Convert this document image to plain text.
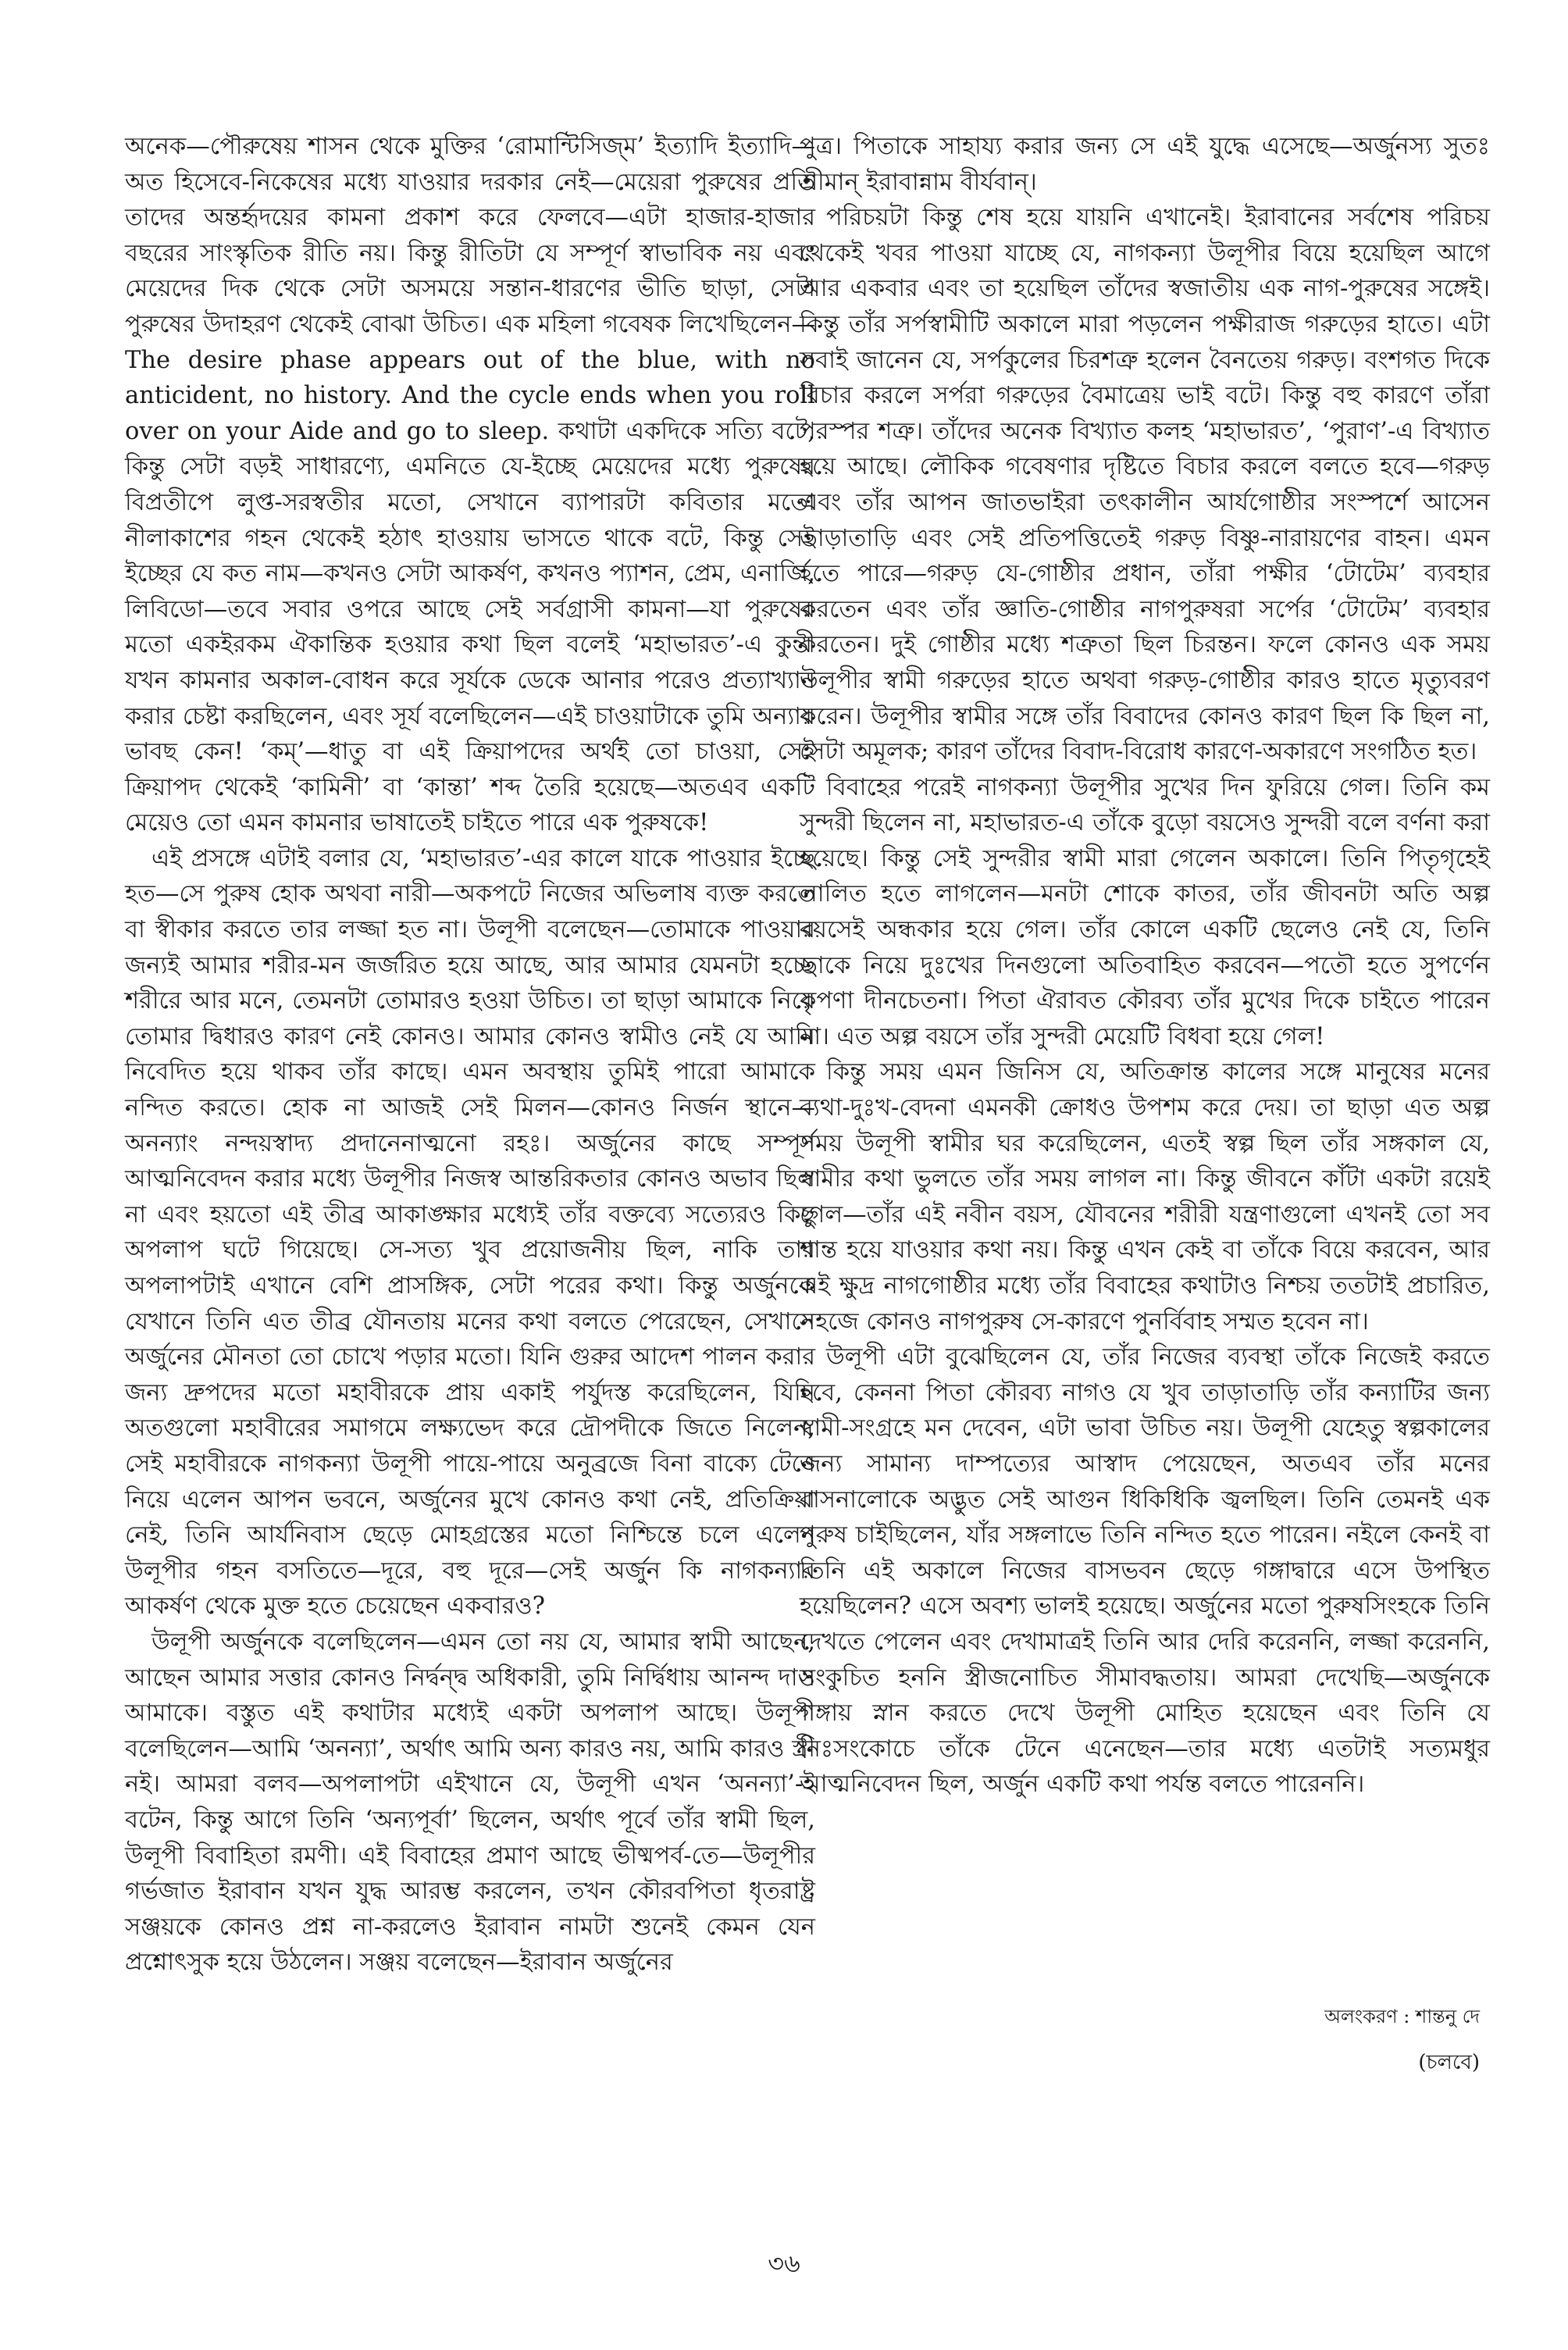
অনেক—পৌরুষেয় শাসন থেকে মুক্তির ‘রোমান্টিসিজ্‌ম’ ইত্যাদি ইত্যাদি—অত হিসেবে-নিকেষের মধ্যে যাওয়ার দরকার নেই—মেয়েরা পুরুষের প্রতি তাদের অন্তর্হৃদয়ের কামনা প্রকাশ করে ফেলবে—এটা হাজার-হাজার বছরের সাংস্কৃতিক রীতি নয়। কিন্তু রীতিটা যে সম্পূর্ণ স্বাভাবিক নয় এবং মেয়েদের দিক থেকে সেটা অসময়ে সন্তান-ধারণের ভীতি ছাড়া, সেটা পুরুষের উদাহরণ থেকেই বোঝা উচিত। এক মহিলা গবেষক লিখেছিলেন—The desire phase appears out of the blue, with no anticident, no history. And the cycle ends when you roll over on your Aide and go to sleep. কথাটা একদিকে সত্যি বটে, কিন্তু সেটা বড়ই সাধারণ্যে, এমনিতে যে-ইচ্ছে মেয়েদের মধ্যে পুরুষের বিপ্রতীপে লুপ্ত-সরস্বতীর মতো, সেখানে ব্যাপারটা কবিতার মতো নীলাকাশের গহন থেকেই হঠাৎ হাওয়ায় ভাসতে থাকে বটে, কিন্তু সেই ইচ্ছের যে কত নাম—কখনও সেটা আকর্ষণ, কখনও প্যাশন, প্রেম, এনার্জি, লিবিডো—তবে সবার ওপরে আছে সেই সর্বগ্রাসী কামনা—যা পুরুষের মতো একইরকম ঐকান্তিক হওয়ার কথা ছিল বলেই ‘মহাভারত’-এ কুন্তী যখন কামনার অকাল-বোধন করে সূর্যকে ডেকে আনার পরেও প্রত্যাখ্যান করার চেষ্টা করছিলেন, এবং সূর্য বলেছিলেন—এই চাওয়াটাকে তুমি অন্যায় ভাবছ কেন! ‘কম্‌’—ধাতু বা এই ক্রিয়াপদের অর্থই তো চাওয়া, সেই ক্রিয়াপদ থেকেই ‘কামিনী’ বা ‘কান্তা’ শব্দ তৈরি হয়েছে—অতএব একটি মেয়েও তো এমন কামনার ভাষাতেই চাইতে পারে এক পুরুষকে!

এই প্রসঙ্গে এটাই বলার যে, ‘মহাভারত’-এর কালে যাকে পাওয়ার ইচ্ছে হত—সে পুরুষ হোক অথবা নারী—অকপটে নিজের অভিলাষ ব্যক্ত করতে বা স্বীকার করতে তার লজ্জা হত না। উলূপী বলেছেন—তোমাকে পাওয়ার জন্যই আমার শরীর-মন জর্জরিত হয়ে আছে, আর আমার যেমনটা হচ্ছে শরীরে আর মনে, তেমনটা তোমারও হওয়া উচিত। তা ছাড়া আমাকে নিয়ে তোমার দ্বিধারও কারণ নেই কোনও। আমার কোনও স্বামীও নেই যে আমি নিবেদিত হয়ে থাকব তাঁর কাছে। এমন অবস্থায় তুমিই পারো আমাকে নন্দিত করতে। হোক না আজই সেই মিলন—কোনও নির্জন স্থানে—অনন্যাং নন্দয়স্বাদ্য প্রদানেনাত্মনো রহঃ। অর্জুনের কাছে সম্পূর্ণ আত্মনিবেদন করার মধ্যে উলূপীর নিজস্ব আন্তরিকতার কোনও অভাব ছিল না এবং হয়তো এই তীব্র আকাঙ্ক্ষার মধ্যেই তাঁর বক্তব্যে সত্যেরও কিছু অপলাপ ঘটে গিয়েছে। সে-সত্য খুব প্রয়োজনীয় ছিল, নাকি তার অপলাপটাই এখানে বেশি প্রাসঙ্গিক, সেটা পরের কথা। কিন্তু অর্জুনকে যেখানে তিনি এত তীব্র যৌনতায় মনের কথা বলতে পেরেছেন, সেখানে অর্জুনের মৌনতা তো চোখে পড়ার মতো। যিনি গুরুর আদেশ পালন করার জন্য দ্রুপদের মতো মহাবীরকে প্রায় একাই পর্যুদস্ত করেছিলেন, যিনি অতগুলো মহাবীরের সমাগমে লক্ষ্যভেদ করে দ্রৌপদীকে জিতে নিলেন, সেই মহাবীরকে নাগকন্যা উলূপী পায়ে-পায়ে অনুব্রজে বিনা বাক্যে টেনে নিয়ে এলেন আপন ভবনে, অর্জুনের মুখে কোনও কথা নেই, প্রতিক্রিয়া নেই, তিনি আর্যনিবাস ছেড়ে মোহগ্রস্তের মতো নিশ্চিন্তে চলে এলেন উলূপীর গহন বসতিতে—দূরে, বহু দূরে—সেই অর্জুন কি নাগকন্যার আকর্ষণ থেকে মুক্ত হতে চেয়েছেন একবারও?

উলূপী অর্জুনকে বলেছিলেন—এমন তো নয় যে, আমার স্বামী আছেন, আছেন আমার সত্তার কোনও নির্দ্বন্দ্ব অধিকারী, তুমি নির্দ্বিধায় আনন্দ দাও আমাকে। বস্তুত এই কথাটার মধ্যেই একটা অপলাপ আছে। উলূপী বলেছিলেন—আমি ‘অনন্যা’, অর্থাৎ আমি অন্য কারও নয়, আমি কারও স্ত্রী নই। আমরা বলব—অপলাপটা এইখানে যে, উলূপী এখন ‘অনন্যা’-ই বটেন, কিন্তু আগে তিনি ‘অন্যপূর্বা’ ছিলেন, অর্থাৎ পূর্বে তাঁর স্বামী ছিল, উলূপী বিবাহিতা রমণী। এই বিবাহের প্রমাণ আছে ভীষ্মপর্ব-তে—উলূপীর গর্ভজাত ইরাবান যখন যুদ্ধ আরম্ভ করলেন, তখন কৌরবপিতা ধৃতরাষ্ট্র সঞ্জয়কে কোনও প্রশ্ন না-করলেও ইরাবান নামটা শুনেই কেমন যেন প্রশ্নোৎসুক হয়ে উঠলেন। সঞ্জয় বলেছেন—ইরাবান অর্জুনের

পুত্র। পিতাকে সাহায্য করার জন্য সে এই যুদ্ধে এসেছে—অর্জুনস্য সুতঃ শ্রীমান্‌ ইরাবান্নাম বীর্যবান্‌।

পরিচয়টা কিন্তু শেষ হয়ে যায়নি এখানেই। ইরাবানের সর্বশেষ পরিচয় থেকেই খবর পাওয়া যাচ্ছে যে, নাগকন্যা উলূপীর বিয়ে হয়েছিল আগে আর একবার এবং তা হয়েছিল তাঁদের স্বজাতীয় এক নাগ-পুরুষের সঙ্গেই। কিন্তু তাঁর সর্পস্বামীটি অকালে মারা পড়লেন পক্ষীরাজ গরুড়ের হাতে। এটা সবাই জানেন যে, সর্পকুলের চিরশত্রু হলেন বৈনতেয় গরুড়। বংশগত দিকে বিচার করলে সর্পরা গরুড়ের বৈমাত্রেয় ভাই বটে। কিন্তু বহু কারণে তাঁরা পরস্পর শত্রু। তাঁদের অনেক বিখ্যাত কলহ ‘মহাভারত’, ‘পুরাণ’-এ বিখ্যাত হয়ে আছে। লৌকিক গবেষণার দৃষ্টিতে বিচার করলে বলতে হবে—গরুড় এবং তাঁর আপন জাতভাইরা তৎকালীন আর্যগোষ্ঠীর সংস্পর্শে আসেন তাড়াতাড়ি এবং সেই প্রতিপত্তিতেই গরুড় বিষ্ণু-নারায়ণের বাহন। এমন হতে পারে—গরুড় যে-গোষ্ঠীর প্রধান, তাঁরা পক্ষীর ‘টোটেম’ ব্যবহার করতেন এবং তাঁর জ্ঞাতি-গোষ্ঠীর নাগপুরুষরা সর্পের ‘টোটেম’ ব্যবহার করতেন। দুই গোষ্ঠীর মধ্যে শত্রুতা ছিল চিরন্তন। ফলে কোনও এক সময় উলূপীর স্বামী গরুড়ের হাতে অথবা গরুড়-গোষ্ঠীর কারও হাতে মৃত্যুবরণ করেন। উলূপীর স্বামীর সঙ্গে তাঁর বিবাদের কোনও কারণ ছিল কি ছিল না, সেটা অমূলক; কারণ তাঁদের বিবাদ-বিরোধ কারণে-অকারণে সংগঠিত হত।

বিবাহের পরেই নাগকন্যা উলূপীর সুখের দিন ফুরিয়ে গেল। তিনি কম সুন্দরী ছিলেন না, মহাভারত-এ তাঁকে বুড়ো বয়সেও সুন্দরী বলে বর্ণনা করা হয়েছে। কিন্তু সেই সুন্দরীর স্বামী মারা গেলেন অকালে। তিনি পিতৃগৃহেই লালিত হতে লাগলেন—মনটা শোকে কাতর, তাঁর জীবনটা অতি অল্প বয়সেই অন্ধকার হয়ে গেল। তাঁর কোলে একটি ছেলেও নেই যে, তিনি তাকে নিয়ে দুঃখের দিনগুলো অতিবাহিত করবেন—পতৌ হতে সুপর্ণেন কৃপণা দীনচেতনা। পিতা ঐরাবত কৌরব্য তাঁর মুখের দিকে চাইতে পারেন না। এত অল্প বয়সে তাঁর সুন্দরী মেয়েটি বিধবা হয়ে গেল!

কিন্তু সময় এমন জিনিস যে, অতিক্রান্ত কালের সঙ্গে মানুষের মনের ব্যথা-দুঃখ-বেদনা এমনকী ক্রোধও উপশম করে দেয়। তা ছাড়া এত অল্প সময় উলূপী স্বামীর ঘর করেছিলেন, এতই স্বল্প ছিল তাঁর সঙ্গকাল যে, স্বামীর কথা ভুলতে তাঁর সময় লাগল না। কিন্তু জীবনে কাঁটা একটা রয়েই গেল—তাঁর এই নবীন বয়স, যৌবনের শরীরী যন্ত্রণাগুলো এখনই তো সব শান্ত হয়ে যাওয়ার কথা নয়। কিন্তু এখন কেই বা তাঁকে বিয়ে করবেন, আর এই ক্ষুদ্র নাগগোষ্ঠীর মধ্যে তাঁর বিবাহের কথাটাও নিশ্চয় ততটাই প্রচারিত, সহজে কোনও নাগপুরুষ সে-কারণে পুনর্বিবাহ সম্মত হবেন না।

উলূপী এটা বুঝেছিলেন যে, তাঁর নিজের ব্যবস্থা তাঁকে নিজেই করতে হবে, কেননা পিতা কৌরব্য নাগও যে খুব তাড়াতাড়ি তাঁর কন্যাটির জন্য স্বামী-সংগ্রহে মন দেবেন, এটা ভাবা উচিত নয়। উলূপী যেহেতু স্বল্পকালের জন্য সামান্য দাম্পত্যের আস্বাদ পেয়েছেন, অতএব তাঁর মনের বাসনালোকে অদ্ভুত সেই আগুন ধিকিধিকি জ্বলছিল। তিনি তেমনই এক পুরুষ চাইছিলেন, যাঁর সঙ্গলাভে তিনি নন্দিত হতে পারেন। নইলে কেনই বা তিনি এই অকালে নিজের বাসভবন ছেড়ে গঙ্গাদ্বারে এসে উপস্থিত হয়েছিলেন? এসে অবশ্য ভালই হয়েছে। অর্জুনের মতো পুরুষসিংহকে তিনি দেখতে পেলেন এবং দেখামাত্রই তিনি আর দেরি করেননি, লজ্জা করেননি, সংকুচিত হননি স্ত্রীজনোচিত সীমাবদ্ধতায়। আমরা দেখেছি—অর্জুনকে গঙ্গায় স্নান করতে দেখে উলূপী মোহিত হয়েছেন এবং তিনি যে নিঃসংকোচে তাঁকে টেনে এনেছেন—তার মধ্যে এতটাই সত্যমধুর আত্মনিবেদন ছিল, অর্জুন একটি কথা পর্যন্ত বলতে পারেননি।

অলংকরণ : শান্তনু দে
(চলবে)
৩৬
